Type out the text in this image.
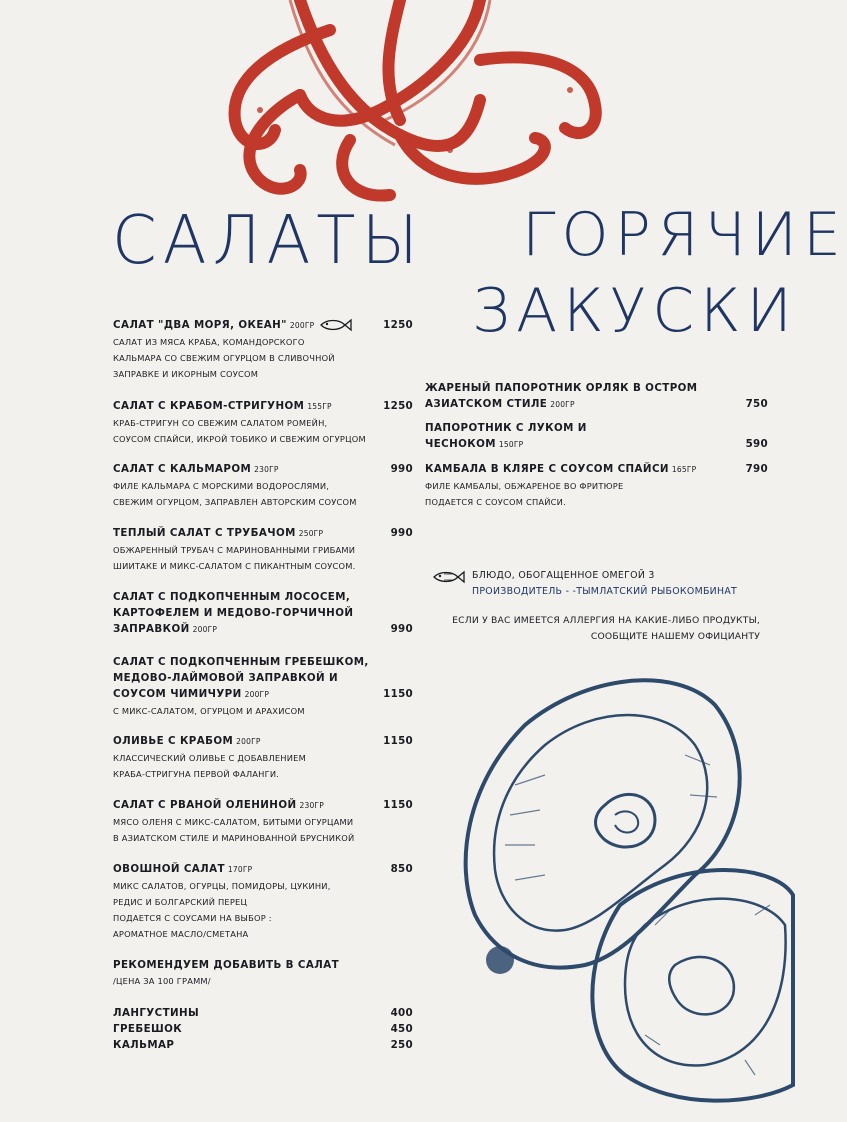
САЛАТЫ ГОРЯЧИЕ
ЗАКУСКИ
САЛАТ "ДВА МОРЯ, ОКЕАН" 200ГР	1250
САЛАТ ИЗ МЯСА КРАБА, КОМАНДОРСКОГО
КАЛЬМАРА СО СВЕЖИМ ОГУРЦОМ В СЛИВОЧНОЙ
ЗАПРАВКЕ И ИКОРНЫМ СОУСОМ
САЛАТ С КРАБОМ-СТРИГУНОМ 155ГР	1250
КРАБ-СТРИГУН СО СВЕЖИМ САЛАТОМ РОМЕЙН,
СОУСОМ СПАЙСИ, ИКРОЙ ТОБИКО И СВЕЖИМ ОГУРЦОМ
САЛАТ С КАЛЬМАРОМ 230ГР	990
ФИЛЕ КАЛЬМАРА С МОРСКИМИ ВОДОРОСЛЯМИ,
СВЕЖИМ ОГУРЦОМ, ЗАПРАВЛЕН АВТОРСКИМ СОУСОМ
ТЕПЛЫЙ САЛАТ С ТРУБАЧОМ 250ГР	990
ОБЖАРЕННЫЙ ТРУБАЧ С МАРИНОВАННЫМИ ГРИБАМИ
ШИИТАКЕ И МИКС-САЛАТОМ С ПИКАНТНЫМ СОУСОМ.
САЛАТ С ПОДКОПЧЕННЫМ ЛОСОСЕМ,
КАРТОФЕЛЕМ И МЕДОВО-ГОРЧИЧНОЙ
ЗАПРАВКОЙ 200ГР	990
САЛАТ С ПОДКОПЧЕННЫМ ГРЕБЕШКОМ,
МЕДОВО-ЛАЙМОВОЙ ЗАПРАВКОЙ И
СОУСОМ ЧИМИЧУРИ 200ГР	1150
С МИКС-САЛАТОМ, ОГУРЦОМ И АРАХИСОМ
ОЛИВЬЕ С КРАБОМ 200ГР	1150
КЛАССИЧЕСКИЙ ОЛИВЬЕ С ДОБАВЛЕНИЕМ
КРАБА-СТРИГУНА ПЕРВОЙ ФАЛАНГИ.
САЛАТ С РВАНОЙ ОЛЕНИНОЙ 230ГР	1150
МЯСО ОЛЕНЯ С МИКС-САЛАТОМ, БИТЫМИ ОГУРЦАМИ
В АЗИАТСКОМ СТИЛЕ И МАРИНОВАННОЙ БРУСНИКОЙ
ОВОШНОЙ САЛАТ 170ГР	850
МИКС САЛАТОВ, ОГУРЦЫ, ПОМИДОРЫ, ЦУКИНИ,
РЕДИС И БОЛГАРСКИЙ ПЕРЕЦ
ПОДАЕТСЯ С СОУСАМИ НА ВЫБОР :
АРОМАТНОЕ МАСЛО/СМЕТАНА
РЕКОМЕНДУЕМ ДОБАВИТЬ В САЛАТ
/ЦЕНА ЗА 100 ГРАММ/
ЛАНГУСТИНЫ	400
ГРЕБЕШОК	450
КАЛЬМАР	250
ЖАРЕНЫЙ ПАПОРОТНИК ОРЛЯК В ОСТРОМ
АЗИАТСКОМ СТИЛЕ 200ГР	750
ПАПОРОТНИК С ЛУКОМ И
ЧЕСНОКОМ 150ГР	590
КАМБАЛА В КЛЯРЕ С СОУСОМ СПАЙСИ 165ГР	790
ФИЛЕ КАМБАЛЫ, ОБЖАРЕНОЕ ВО ФРИТЮРЕ
ПОДАЕТСЯ С СОУСОМ СПАЙСИ.
БЛЮДО, ОБОГАЩЕННОЕ ОМЕГОЙ 3
ПРОИЗВОДИТЕЛЬ - -ТЫМЛАТСКИЙ РЫБОКОМБИНАТ
ЕСЛИ У ВАС ИМЕЕТСЯ АЛЛЕРГИЯ НА КАКИЕ-ЛИБО ПРОДУКТЫ,
СООБЩИТЕ НАШЕМУ ОФИЦИАНТУ
